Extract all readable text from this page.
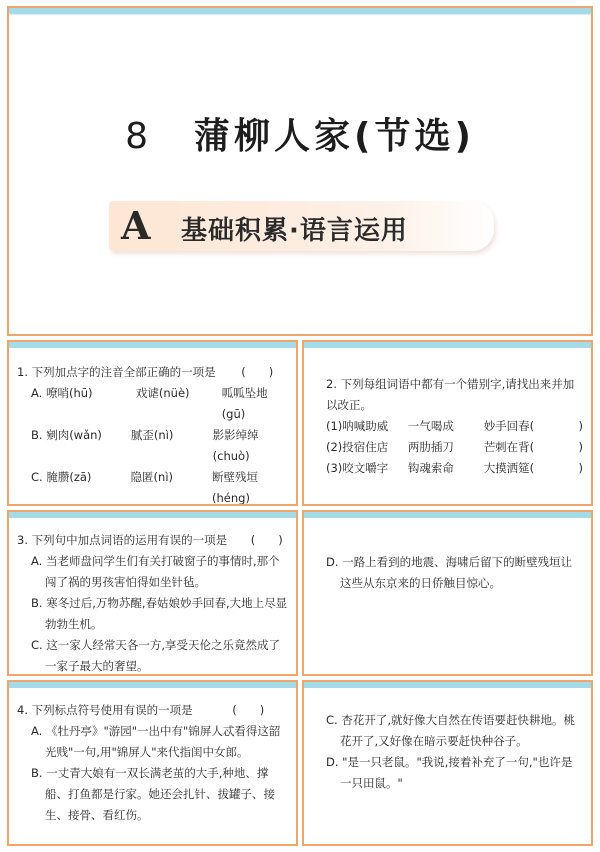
8 蒲柳人家(节选)
A 基础积累·语言运用

1. 下列加点字的注音全部正确的一项是 (　　)

A. 嘹哨(hū)	戏谑(nüè)	呱呱坠地(gū)
B. 剜肉(wǎn)	腻歪(nì)	影影绰绰(chuò)
C. 腌臜(zā)	隐匿(nì)	断壁残垣(héng)

2. 下列每组词语中都有一个错别字,请找出来并加以改正。

(1)呐喊助威	一气喝成	妙手回春(	)
(2)投宿住店	两肋插刀	芒刺在背(	)
(3)咬文嚼字	钩魂索命	大摸洒筵(	)

3. 下列句中加点词语的运用有误的一项是 (　　)

A. 当老师盘问学生们有关打破窗子的事情时,那个闯了祸的男孩害怕得如坐针毡。

B. 寒冬过后,万物苏醒,春姑娘妙手回春,大地上尽显勃勃生机。

C. 这一家人经常天各一方,享受天伦之乐竟然成了一家子最大的奢望。

D. 一路上看到的地震、海啸后留下的断壁残垣让这些从东京来的日侨触目惊心。

4. 下列标点符号使用有误的一项是	(　　)

A. 《牡丹亭》"游园"一出中有"锦屏人忒看得这韶光贱"一句,用"锦屏人"来代指闺中女郎。

B. 一丈青大娘有一双长满老茧的大手,种地、撑船、打鱼都是行家。她还会扎针、拔罐子、接生、接骨、看红伤。

C. 杏花开了,就好像大自然在传语要赶快耕地。桃花开了,又好像在暗示要赶快种谷子。

D. "是一只老鼠。"我说,接着补充了一句,"也许是一只田鼠。"
